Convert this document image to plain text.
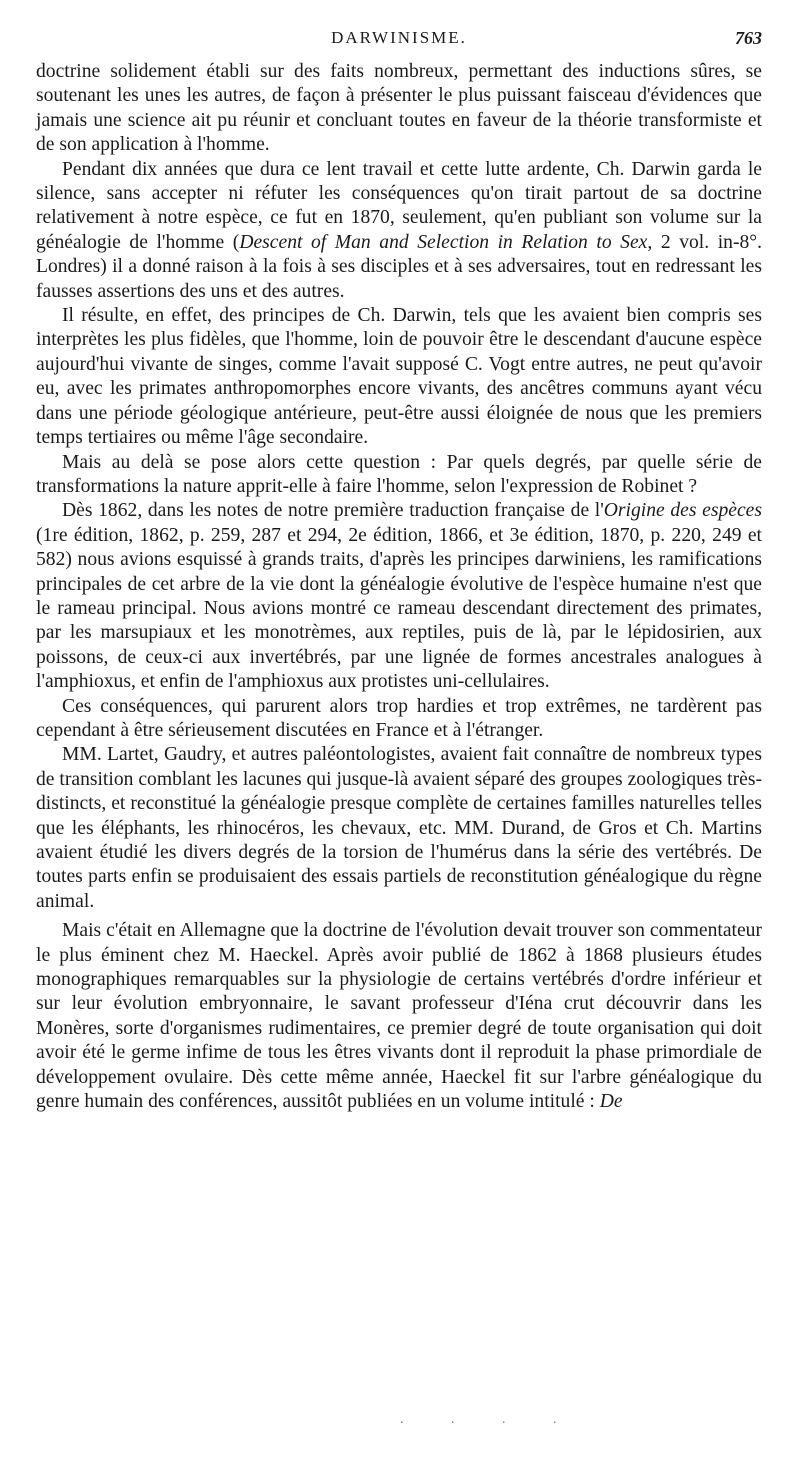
DARWINISME.	763

doctrine solidement établi sur des faits nombreux, permettant des inductions sûres, se soutenant les unes les autres, de façon à présenter le plus puissant faisceau d'évidences que jamais une science ait pu réunir et concluant toutes en faveur de la théorie transformiste et de son application à l'homme.

Pendant dix années que dura ce lent travail et cette lutte ardente, Ch. Darwin garda le silence, sans accepter ni réfuter les conséquences qu'on tirait partout de sa doctrine relativement à notre espèce, ce fut en 1870, seulement, qu'en publiant son volume sur la généalogie de l'homme (Descent of Man and Selection in Relation to Sex, 2 vol. in-8°. Londres) il a donné raison à la fois à ses disciples et à ses adversaires, tout en redressant les fausses assertions des uns et des autres.

Il résulte, en effet, des principes de Ch. Darwin, tels que les avaient bien compris ses interprètes les plus fidèles, que l'homme, loin de pouvoir être le descendant d'aucune espèce aujourd'hui vivante de singes, comme l'avait supposé C. Vogt entre autres, ne peut qu'avoir eu, avec les primates anthropomorphes encore vivants, des ancêtres communs ayant vécu dans une période géologique antérieure, peut-être aussi éloignée de nous que les premiers temps tertiaires ou même l'âge secondaire.

Mais au delà se pose alors cette question : Par quels degrés, par quelle série de transformations la nature apprit-elle à faire l'homme, selon l'expression de Robinet ?

Dès 1862, dans les notes de notre première traduction française de l'Origine des espèces (1re édition, 1862, p. 259, 287 et 294, 2e édition, 1866, et 3e édition, 1870, p. 220, 249 et 582) nous avions esquissé à grands traits, d'après les principes darwiniens, les ramifications principales de cet arbre de la vie dont la généalogie évolutive de l'espèce humaine n'est que le rameau principal. Nous avions montré ce rameau descendant directement des primates, par les marsupiaux et les monotrèmes, aux reptiles, puis de là, par le lépidosirien, aux poissons, de ceux-ci aux invertébrés, par une lignée de formes ancestrales analogues à l'amphioxus, et enfin de l'amphioxus aux protistes uni-cellulaires.

Ces conséquences, qui parurent alors trop hardies et trop extrêmes, ne tardèrent pas cependant à être sérieusement discutées en France et à l'étranger.

MM. Lartet, Gaudry, et autres paléontologistes, avaient fait connaître de nombreux types de transition comblant les lacunes qui jusque-là avaient séparé des groupes zoologiques très-distincts, et reconstitué la généalogie presque complète de certaines familles naturelles telles que les éléphants, les rhinocéros, les chevaux, etc. MM. Durand, de Gros et Ch. Martins avaient étudié les divers degrés de la torsion de l'humérus dans la série des vertébrés. De toutes parts enfin se produisaient des essais partiels de reconstitution généalogique du règne animal.

Mais c'était en Allemagne que la doctrine de l'évolution devait trouver son commentateur le plus éminent chez M. Haeckel. Après avoir publié de 1862 à 1868 plusieurs études monographiques remarquables sur la physiologie de certains vertébrés d'ordre inférieur et sur leur évolution embryonnaire, le savant professeur d'Iéna crut découvrir dans les Monères, sorte d'organismes rudimentaires, ce premier degré de toute organisation qui doit avoir été le germe infime de tous les êtres vivants dont il reproduit la phase primordiale de développement ovulaire. Dès cette même année, Haeckel fit sur l'arbre généalogique du genre humain des conférences, aussitôt publiées en un volume intitulé : De

. . . .
